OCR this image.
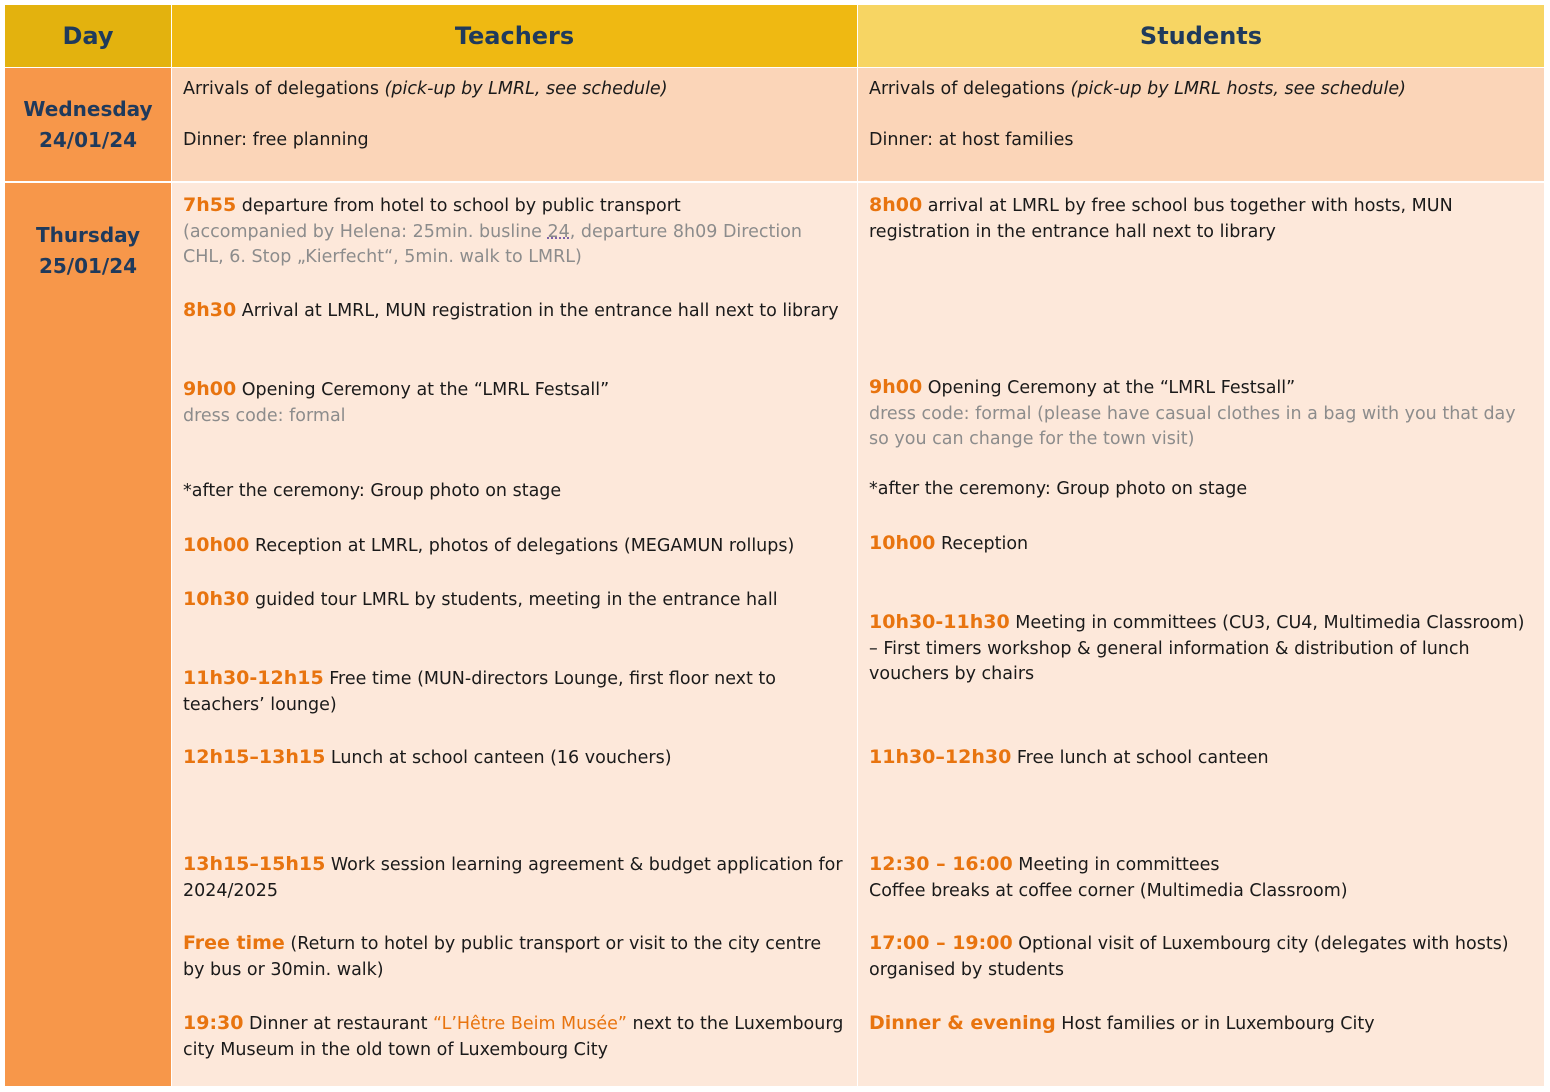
Day	Teachers	Students
Wednesday
24/01/24
Arrivals of delegations (pick-up by LMRL, see schedule)
Dinner: free planning
Arrivals of delegations (pick-up by LMRL hosts, see schedule)
Dinner: at host families
Thursday
25/01/24
7h55 departure from hotel to school by public transport
(accompanied by Helena: 25min. busline 24, departure 8h09 Direction CHL, 6. Stop „Kierfecht“, 5min. walk to LMRL)
8h30 Arrival at LMRL, MUN registration in the entrance hall next to library
9h00 Opening Ceremony at the “LMRL Festsall”
dress code: formal
*after the ceremony: Group photo on stage
10h00 Reception at LMRL, photos of delegations (MEGAMUN rollups)
10h30 guided tour LMRL by students, meeting in the entrance hall
11h30-12h15 Free time (MUN-directors Lounge, first floor next to teachers’ lounge)
12h15–13h15 Lunch at school canteen (16 vouchers)
13h15–15h15 Work session learning agreement & budget application for 2024/2025
Free time (Return to hotel by public transport or visit to the city centre by bus or 30min. walk)
19:30 Dinner at restaurant “L’Hêtre Beim Musée” next to the Luxembourg city Museum in the old town of Luxembourg City
8h00 arrival at LMRL by free school bus together with hosts, MUN registration in the entrance hall next to library
9h00 Opening Ceremony at the “LMRL Festsall”
dress code: formal (please have casual clothes in a bag with you that day so you can change for the town visit)
*after the ceremony: Group photo on stage
10h00 Reception
10h30-11h30 Meeting in committees (CU3, CU4, Multimedia Classroom) – First timers workshop & general information & distribution of lunch vouchers by chairs
11h30–12h30 Free lunch at school canteen
12:30 – 16:00 Meeting in committees
Coffee breaks at coffee corner (Multimedia Classroom)
17:00 – 19:00 Optional visit of Luxembourg city (delegates with hosts) organised by students
Dinner & evening Host families or in Luxembourg City
